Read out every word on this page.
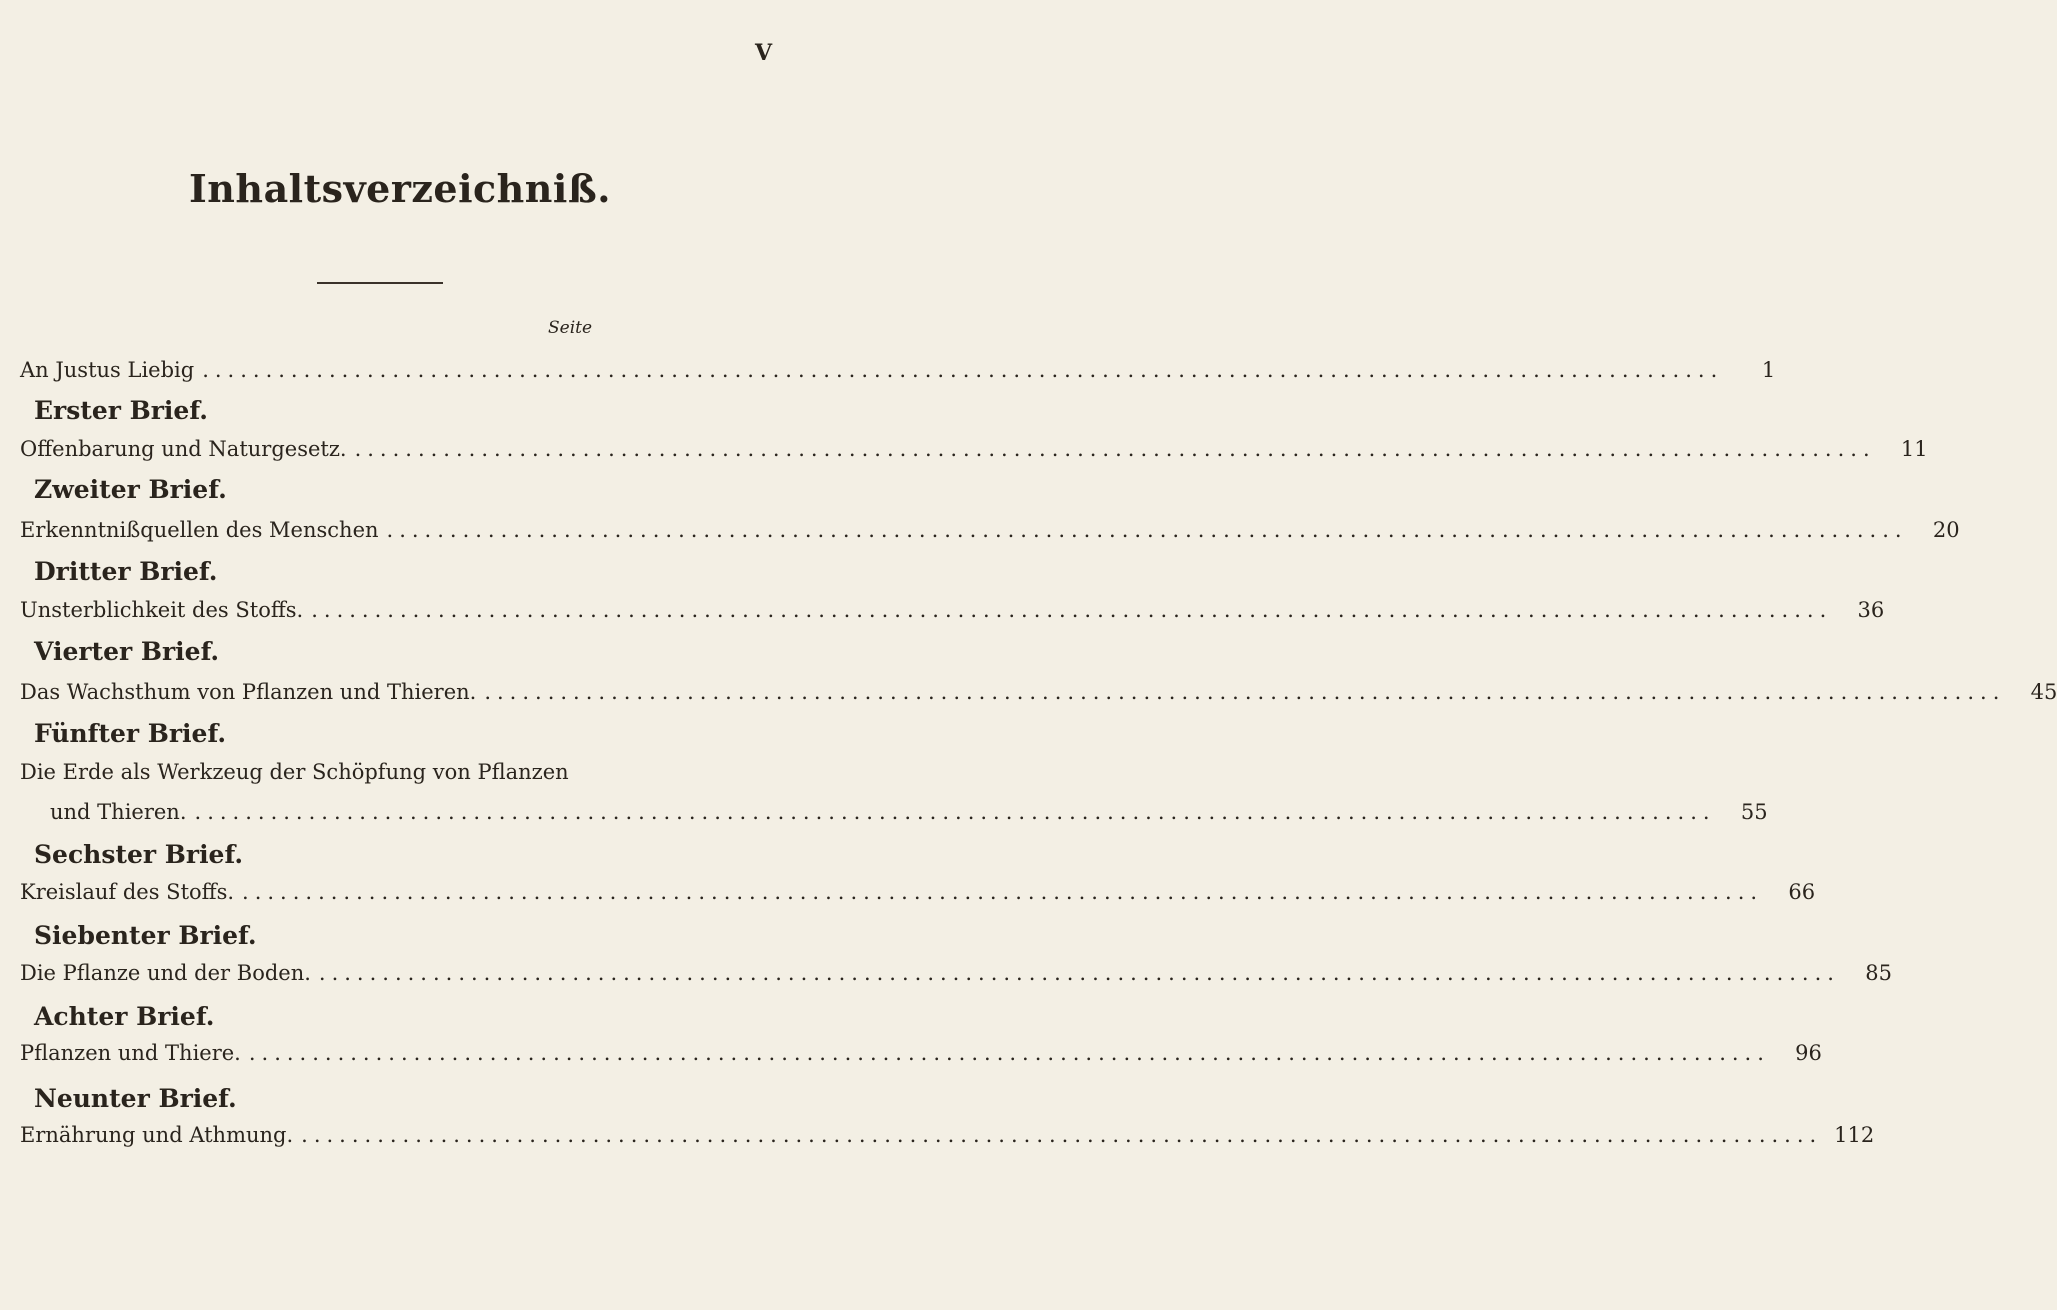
V
Inhaltsverzeichniß.
Seite
An Justus Liebig ........................................................................................................................	1
Erster Brief.
Offenbarung und Naturgesetz. ........................................................................................................................	11
Zweiter Brief.
Erkenntnißquellen des Menschen ........................................................................................................................	20
Dritter Brief.
Unsterblichkeit des Stoffs. ........................................................................................................................	36
Vierter Brief.
Das Wachsthum von Pflanzen und Thieren. ........................................................................................................................	45
Fünfter Brief.
Die Erde als Werkzeug der Schöpfung von Pflanzen
und Thieren. ........................................................................................................................	55
Sechster Brief.
Kreislauf des Stoffs. ........................................................................................................................	66
Siebenter Brief.
Die Pflanze und der Boden. ........................................................................................................................	85
Achter Brief.
Pflanzen und Thiere. ........................................................................................................................	96
Neunter Brief.
Ernährung und Athmung. ........................................................................................................................ 112
